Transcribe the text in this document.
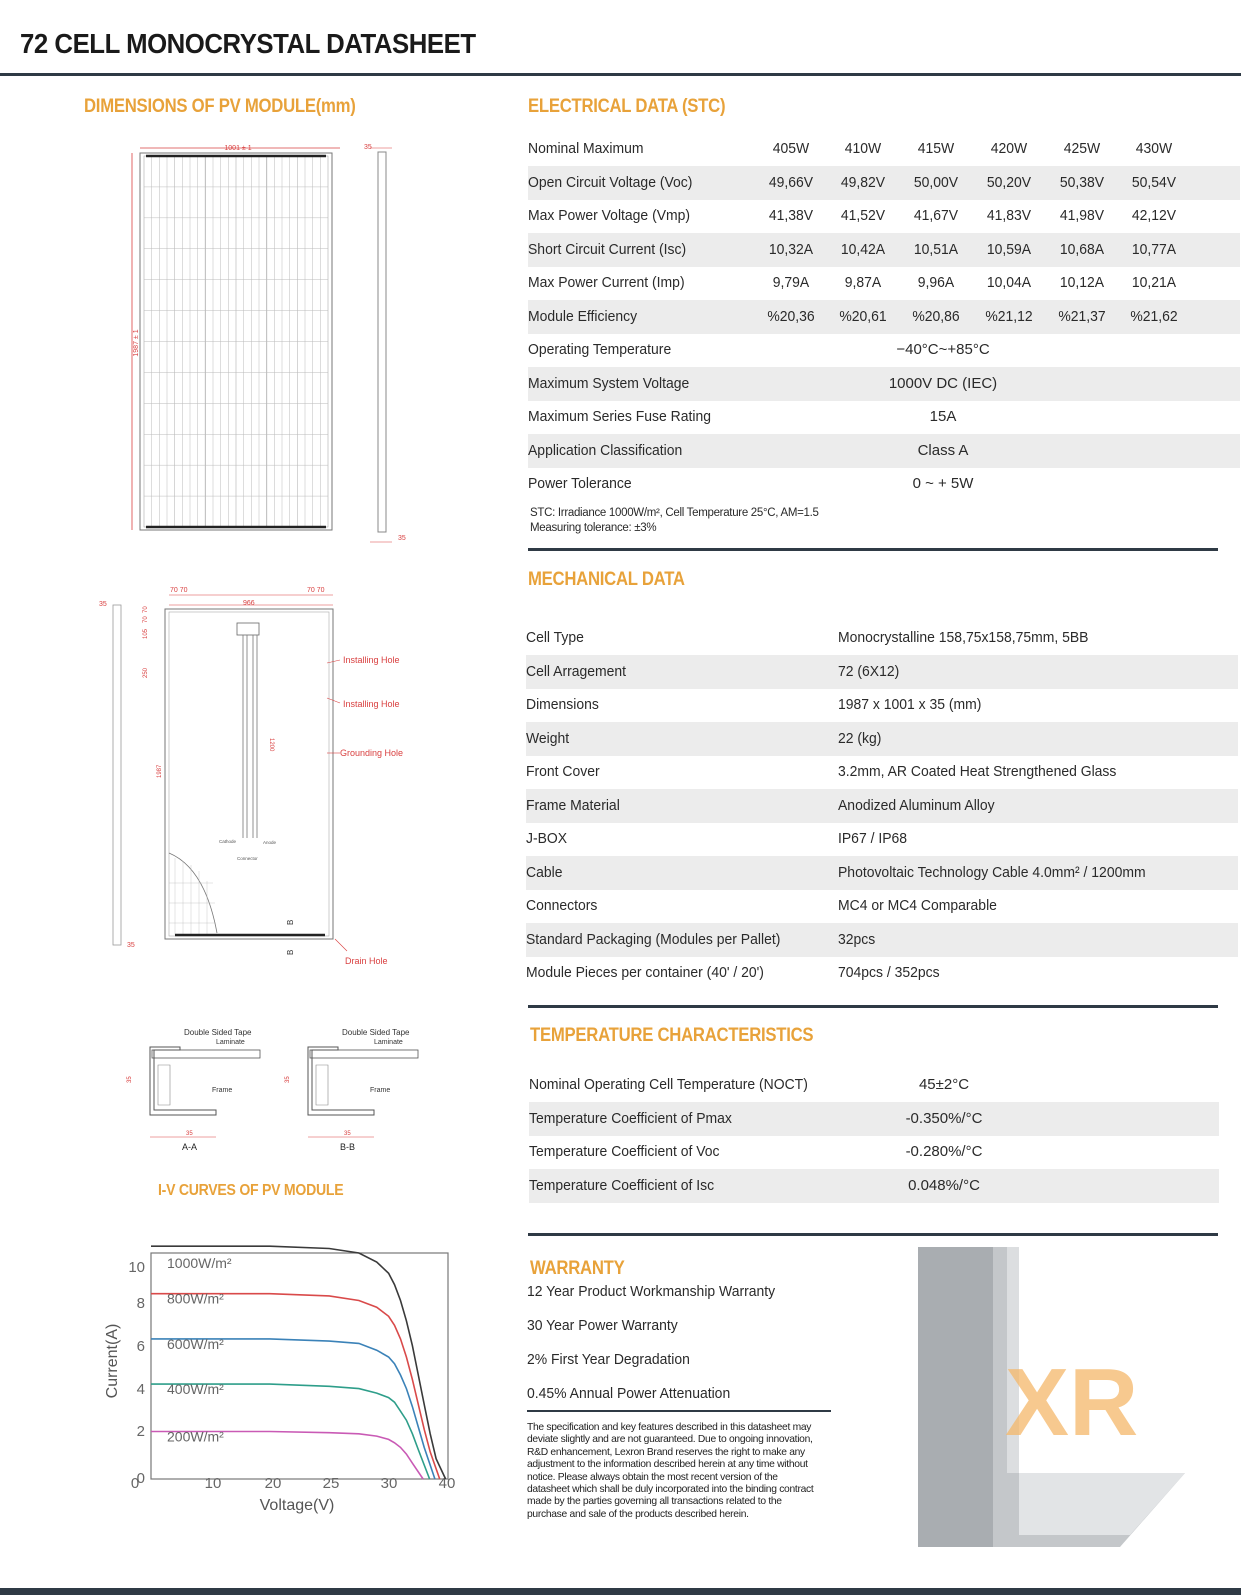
72 CELL MONOCRYSTAL DATASHEET
DIMENSIONS OF PV MODULE(mm)
1001 ± 1
1987 ± 1
35
35
70 70	70 70
966
35
35
105
70
70
250
1987
1200
Cathode	Anode
Connector
Installing Hole
Installing Hole
Grounding Hole
B
B
Drain Hole
Double Sided Tape
Laminate
Frame
35
35
A-A
Double Sided Tape
Laminate
Frame
35
35
B-B
I-V CURVES OF PV MODULE
0	10	20	25	30	40
0
2
4
6
8
10 1000W/m²
800W/m²
600W/m²
400W/m²
200W/m²
Current(A)
Voltage(V)
ELECTRICAL DATA (STC)
Nominal Maximum	405W	410W	415W	420W	425W	430W
Open Circuit Voltage (Voc)	49,66V	49,82V	50,00V	50,20V	50,38V	50,54V
Max Power Voltage (Vmp)	41,38V	41,52V	41,67V	41,83V	41,98V	42,12V
Short Circuit Current (Isc)	10,32A	10,42A	10,51A	10,59A	10,68A	10,77A
Max Power Current (Imp)	9,79A	9,87A	9,96A	10,04A	10,12A	10,21A
Module Efficiency	%20,36	%20,61	%20,86	%21,12	%21,37	%21,62
Operating Temperature	−40°C~+85°C
Maximum System Voltage	1000V DC (IEC)
Maximum Series Fuse Rating	15A
Application Classification	Class A
Power Tolerance	0 ~ + 5W
STC: Irradiance 1000W/m², Cell Temperature 25°C, AM=1.5
Measuring tolerance: ±3%
MECHANICAL DATA
Cell Type	Monocrystalline 158,75x158,75mm, 5BB
Cell Arragement	72 (6X12)
Dimensions	1987 x 1001 x 35 (mm)
Weight	22 (kg)
Front Cover	3.2mm, AR Coated Heat Strengthened Glass
Frame Material	Anodized Aluminum Alloy
J-BOX	IP67 / IP68
Cable	Photovoltaic Technology Cable 4.0mm² / 1200mm
Connectors	MC4 or MC4 Comparable
Standard Packaging (Modules per Pallet)	32pcs
Module Pieces per container (40' / 20')	704pcs / 352pcs
TEMPERATURE CHARACTERISTICS
Nominal Operating Cell Temperature (NOCT)	45±2°C
Temperature Coefficient of Pmax	-0.350%/°C
Temperature Coefficient of Voc	-0.280%/°C
Temperature Coefficient of Isc	0.048%/°C
WARRANTY
12 Year Product Workmanship Warranty
30 Year Power Warranty
2% First Year Degradation
0.45% Annual Power Attenuation
The specification and key features described in this datasheet may deviate slightly and are not guaranteed. Due to ongoing innovation, R&D enhancement, Lexron Brand reserves the right to make any adjustment to the information described herein at any time without notice. Please always obtain the most recent version of the datasheet which shall be duly incorporated into the binding contract made by the parties governing all transactions related to the purchase and sale of the products described herein.
XR
